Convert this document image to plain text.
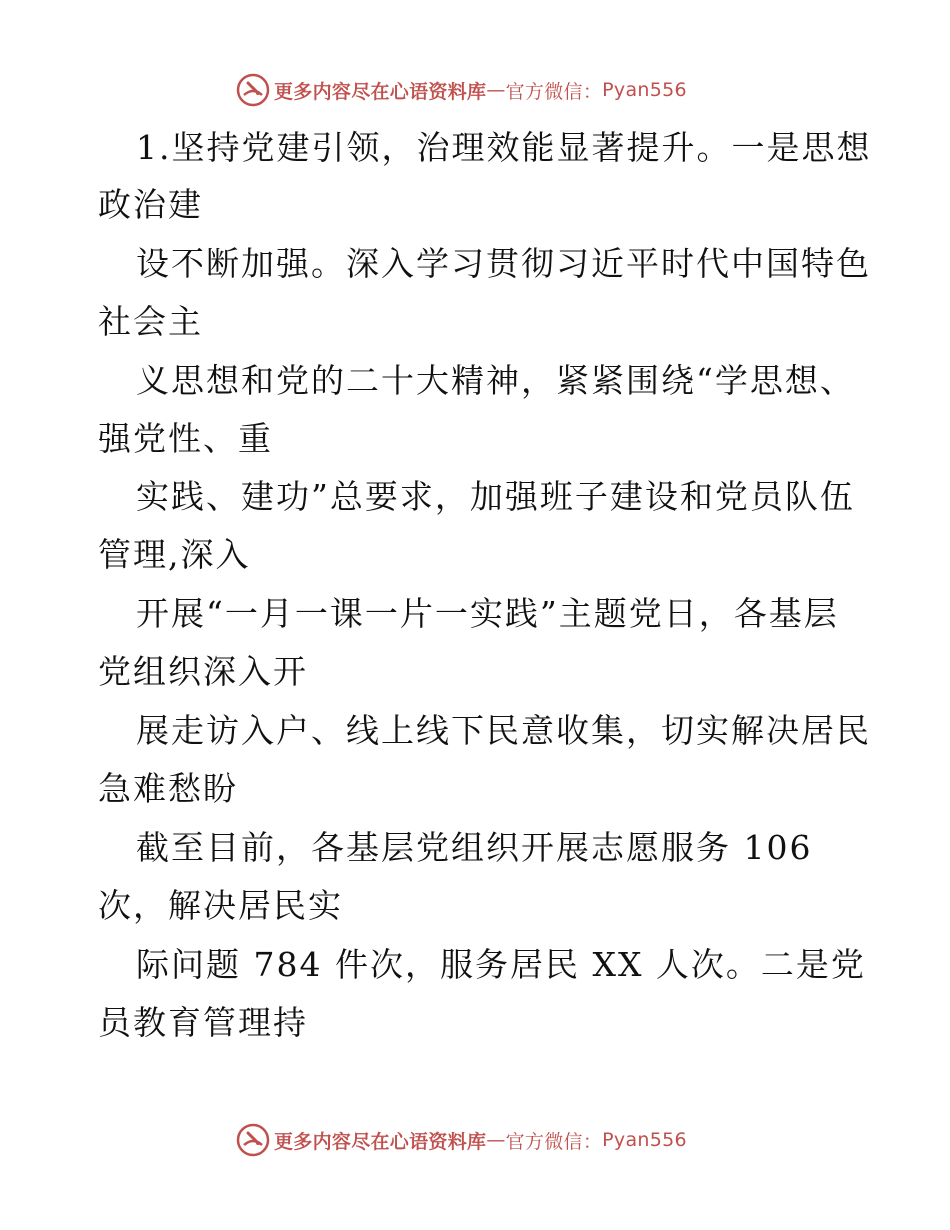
更多内容尽在心语资料库 — 官方微信： Pyan556
1.坚持党建引领，治理效能显著提升。一是思想
政治建
设不断加强。深入学习贯彻习近平时代中国特色
社会主
义思想和党的二十大精神，紧紧围绕“学思想、
强党性、重
实践、建功”总要求，加强班子建设和党员队伍
管理,深入
开展“一月一课一片一实践”主题党日，各基层
党组织深入开
展走访入户、线上线下民意收集，切实解决居民
急难愁盼
截至目前，各基层党组织开展志愿服务 106
次，解决居民实
际问题 784 件次，服务居民 XX 人次。二是党
员教育管理持
更多内容尽在心语资料库 — 官方微信： Pyan556
